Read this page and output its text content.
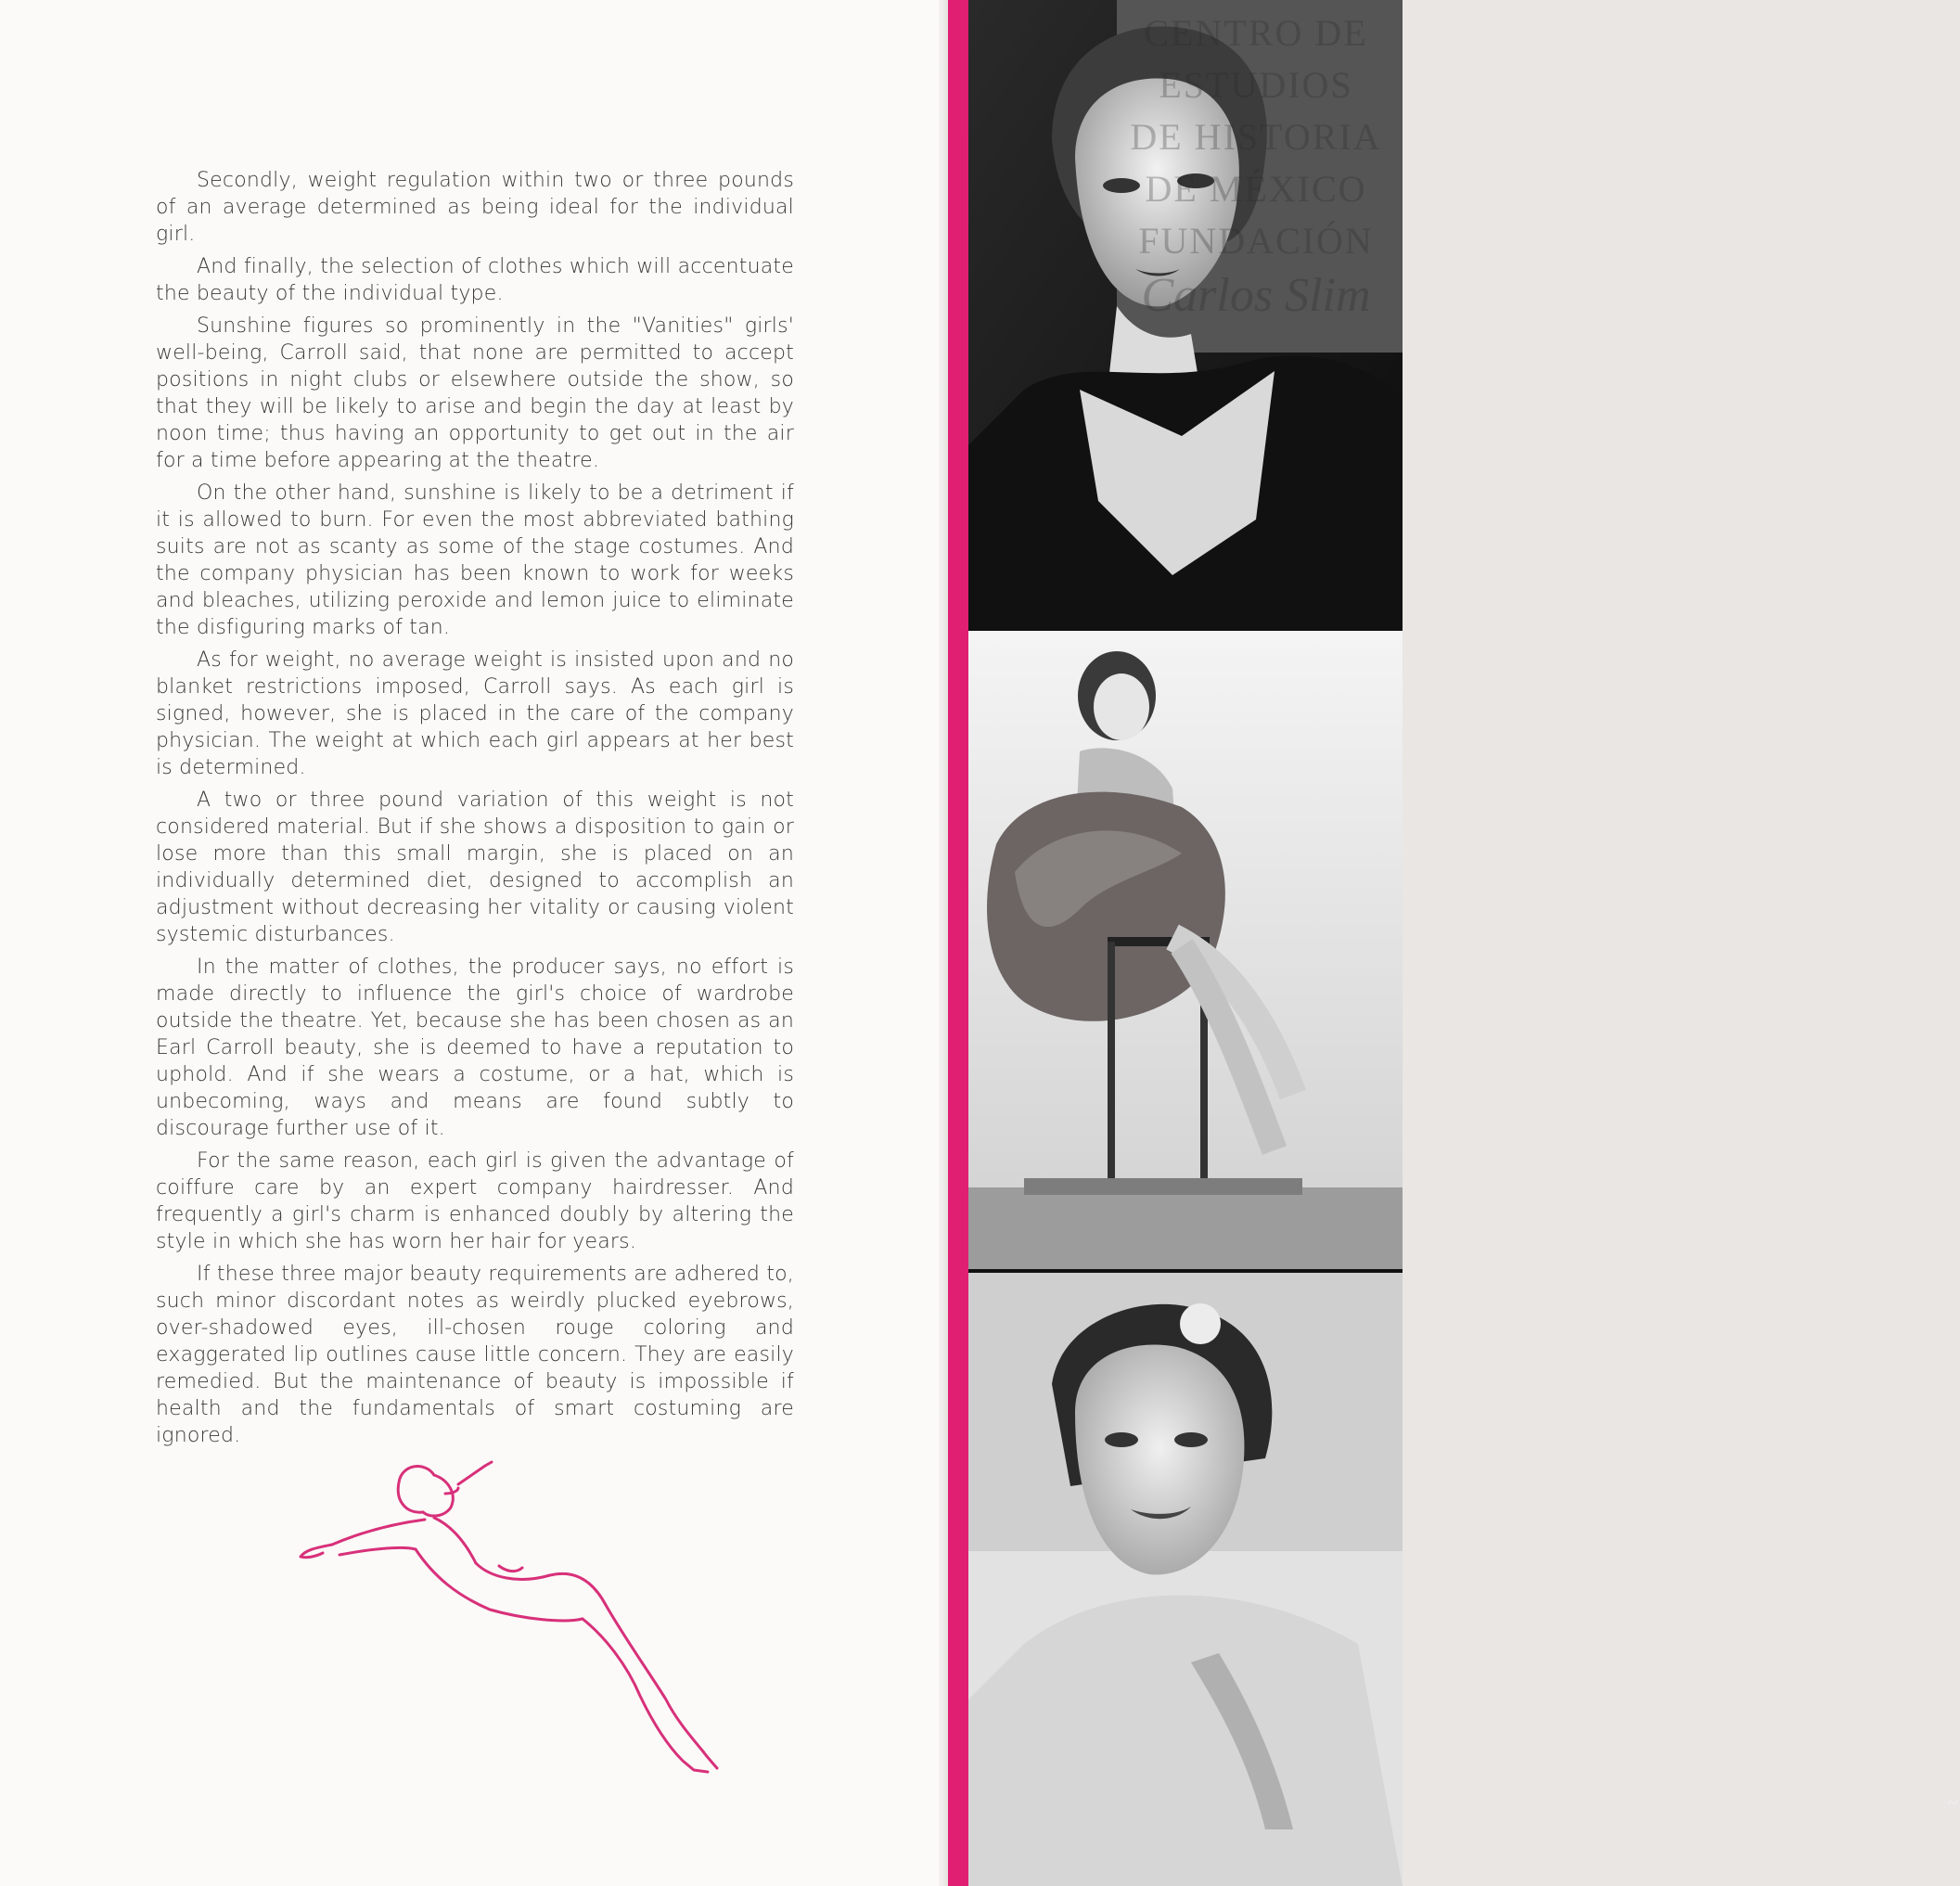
Secondly, weight regulation within two or three pounds of an average determined as being ideal for the individual girl.

And finally, the selection of clothes which will accentuate the beauty of the individual type.

Sunshine figures so prominently in the "Vanities" girls' well-being, Carroll said, that none are permitted to accept positions in night clubs or elsewhere outside the show, so that they will be likely to arise and begin the day at least by noon time; thus having an opportunity to get out in the air for a time before appearing at the theatre.

On the other hand, sunshine is likely to be a detriment if it is allowed to burn. For even the most abbreviated bathing suits are not as scanty as some of the stage costumes. And the company physician has been known to work for weeks and bleaches, utilizing peroxide and lemon juice to eliminate the disfiguring marks of tan.

As for weight, no average weight is insisted upon and no blanket restrictions imposed, Carroll says. As each girl is signed, however, she is placed in the care of the company physician. The weight at which each girl appears at her best is determined.

A two or three pound variation of this weight is not considered material. But if she shows a disposition to gain or lose more than this small margin, she is placed on an individually determined diet, designed to accomplish an adjustment without decreasing her vitality or causing violent systemic disturbances.

In the matter of clothes, the producer says, no effort is made directly to influence the girl's choice of wardrobe outside the theatre. Yet, because she has been chosen as an Earl Carroll beauty, she is deemed to have a reputation to uphold. And if she wears a costume, or a hat, which is unbecoming, ways and means are found subtly to discourage further use of it.

For the same reason, each girl is given the advantage of coiffure care by an expert company hairdresser. And frequently a girl's charm is enhanced doubly by altering the style in which she has worn her hair for years.

If these three major beauty requirements are adhered to, such minor discordant notes as weirdly plucked eyebrows, over-shadowed eyes, ill-chosen rouge coloring and exaggerated lip outlines cause little concern. They are easily remedied. But the maintenance of beauty is impossible if health and the fundamentals of smart costuming are ignored.

CENTRO DE
ESTUDIOS
DE HISTORIA
DE MÉXICO
FUNDACIÓN
Carlos Slim
~
